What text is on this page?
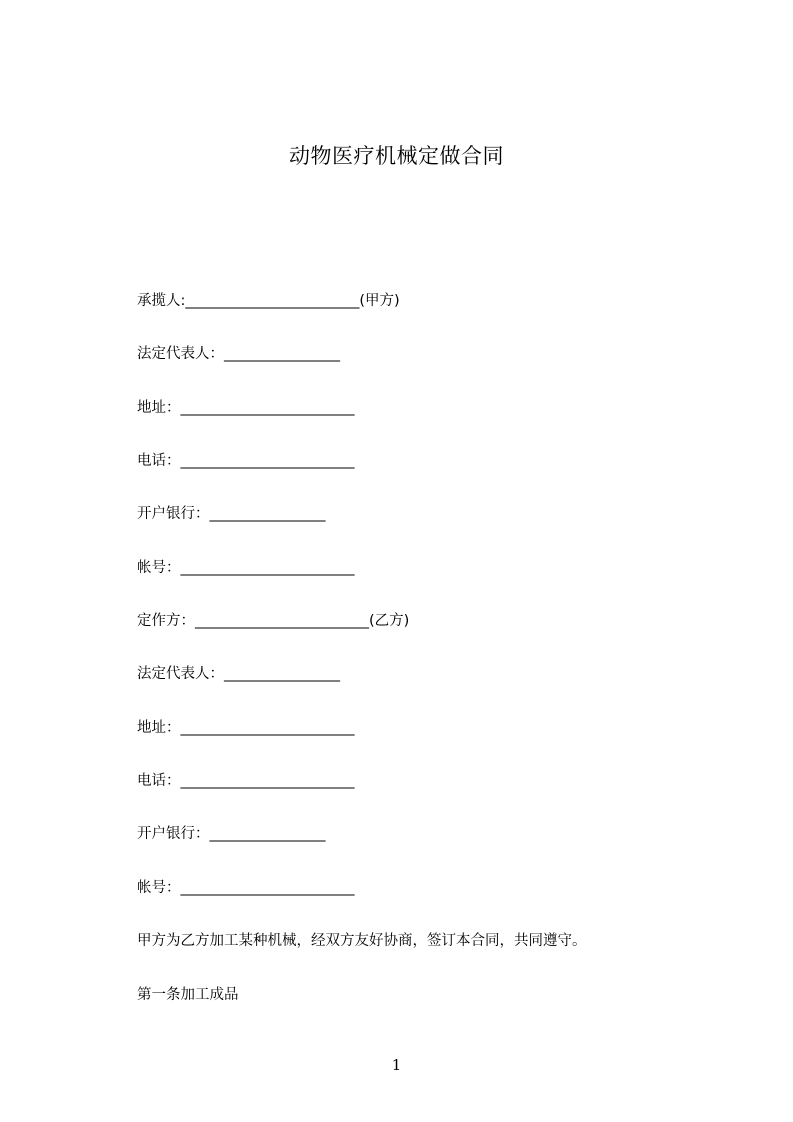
动物医疗机械定做合同
承揽人:________________________(甲方)
法定代表人：________________
地址：________________________
电话：________________________
开户银行：________________
帐号：________________________
定作方：________________________(乙方)
法定代表人：________________
地址：________________________
电话：________________________
开户银行：________________
帐号：________________________
甲方为乙方加工某种机械，经双方友好协商，签订本合同，共同遵守。
第一条加工成品
1
